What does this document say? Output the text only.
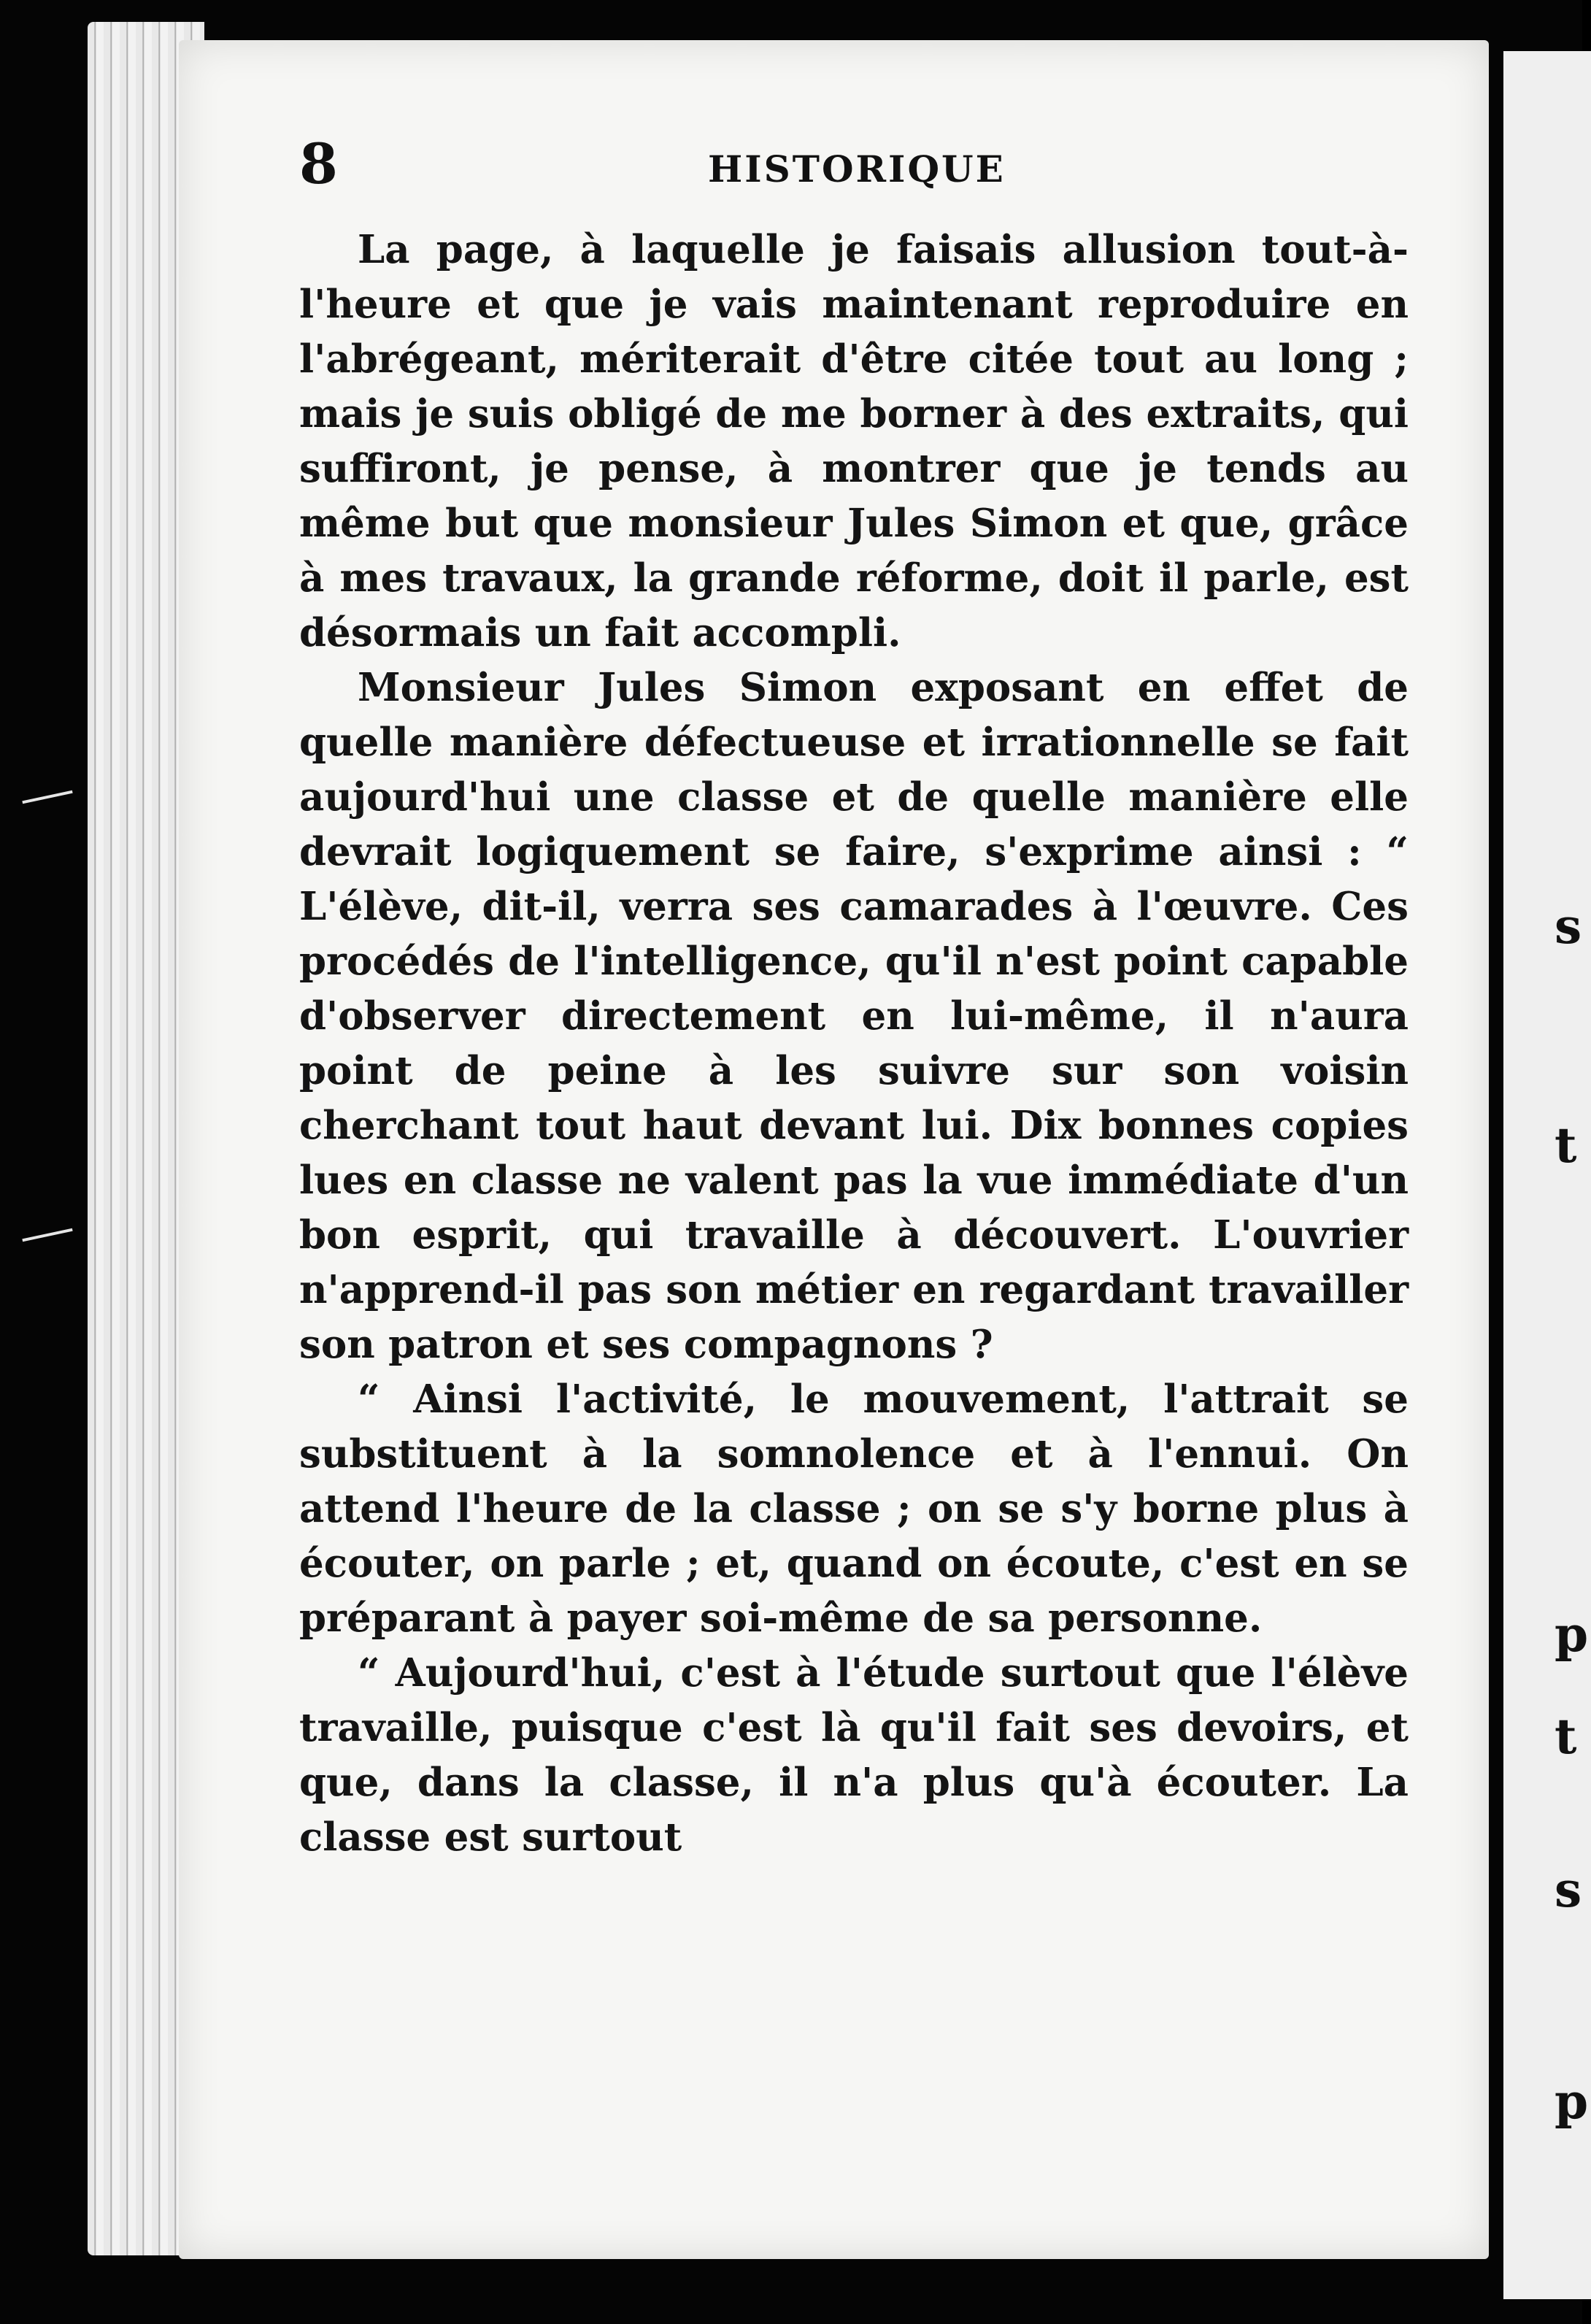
s
t
p
t
s
p
8	HISTORIQUE

La page, à laquelle je faisais allusion tout-à-l'heure et que je vais maintenant reproduire en l'abrégeant, mériterait d'être citée tout au long ; mais je suis obligé de me borner à des extraits, qui suffiront, je pense, à montrer que je tends au même but que monsieur Jules Simon et que, grâce à mes travaux, la grande réforme, doit il parle, est désormais un fait accompli.

Monsieur Jules Simon exposant en effet de quelle manière défectueuse et irrationnelle se fait aujourd'hui une classe et de quelle manière elle devrait logiquement se faire, s'exprime ainsi : “ L'élève, dit-il, verra ses camarades à l'œuvre. Ces procédés de l'intelligence, qu'il n'est point capable d'observer directement en lui-même, il n'aura point de peine à les suivre sur son voisin cherchant tout haut devant lui. Dix bonnes copies lues en classe ne valent pas la vue immédiate d'un bon esprit, qui travaille à découvert. L'ouvrier n'apprend-il pas son métier en regardant travailler son patron et ses compagnons ?

“ Ainsi l'activité, le mouvement, l'attrait se substituent à la somnolence et à l'ennui. On attend l'heure de la classe ; on se s'y borne plus à écouter, on parle ; et, quand on écoute, c'est en se préparant à payer soi-même de sa personne.

“ Aujourd'hui, c'est à l'étude surtout que l'élève travaille, puisque c'est là qu'il fait ses devoirs, et que, dans la classe, il n'a plus qu'à écouter. La classe est surtout
